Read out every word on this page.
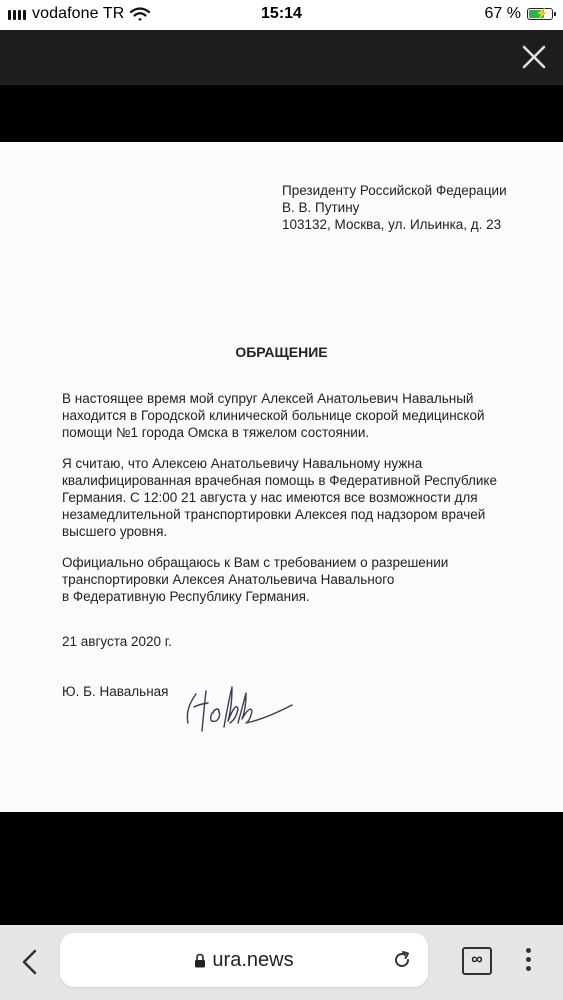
vodafone TR	15:14	67 % ⚡
Президенту Российской Федерации
В. В. Путину
103132, Москва, ул. Ильинка, д. 23
ОБРАЩЕНИЕ
В настоящее время мой супруг Алексей Анатольевич Навальный
находится в Городской клинической больнице скорой медицинской
помощи №1 города Омска в тяжелом состоянии.
Я считаю, что Алексею Анатольевичу Навальному нужна
квалифицированная врачебная помощь в Федеративной Республике
Германия. С 12:00 21 августа у нас имеются все возможности для
незамедлительной транспортировки Алексея под надзором врачей
высшего уровня.
Официально обращаюсь к Вам с требованием о разрешении
транспортировки Алексея Анатольевича Навального
в Федеративную Республику Германия.
21 августа 2020 г.
Ю. Б. Навальная
ura.news	∞
